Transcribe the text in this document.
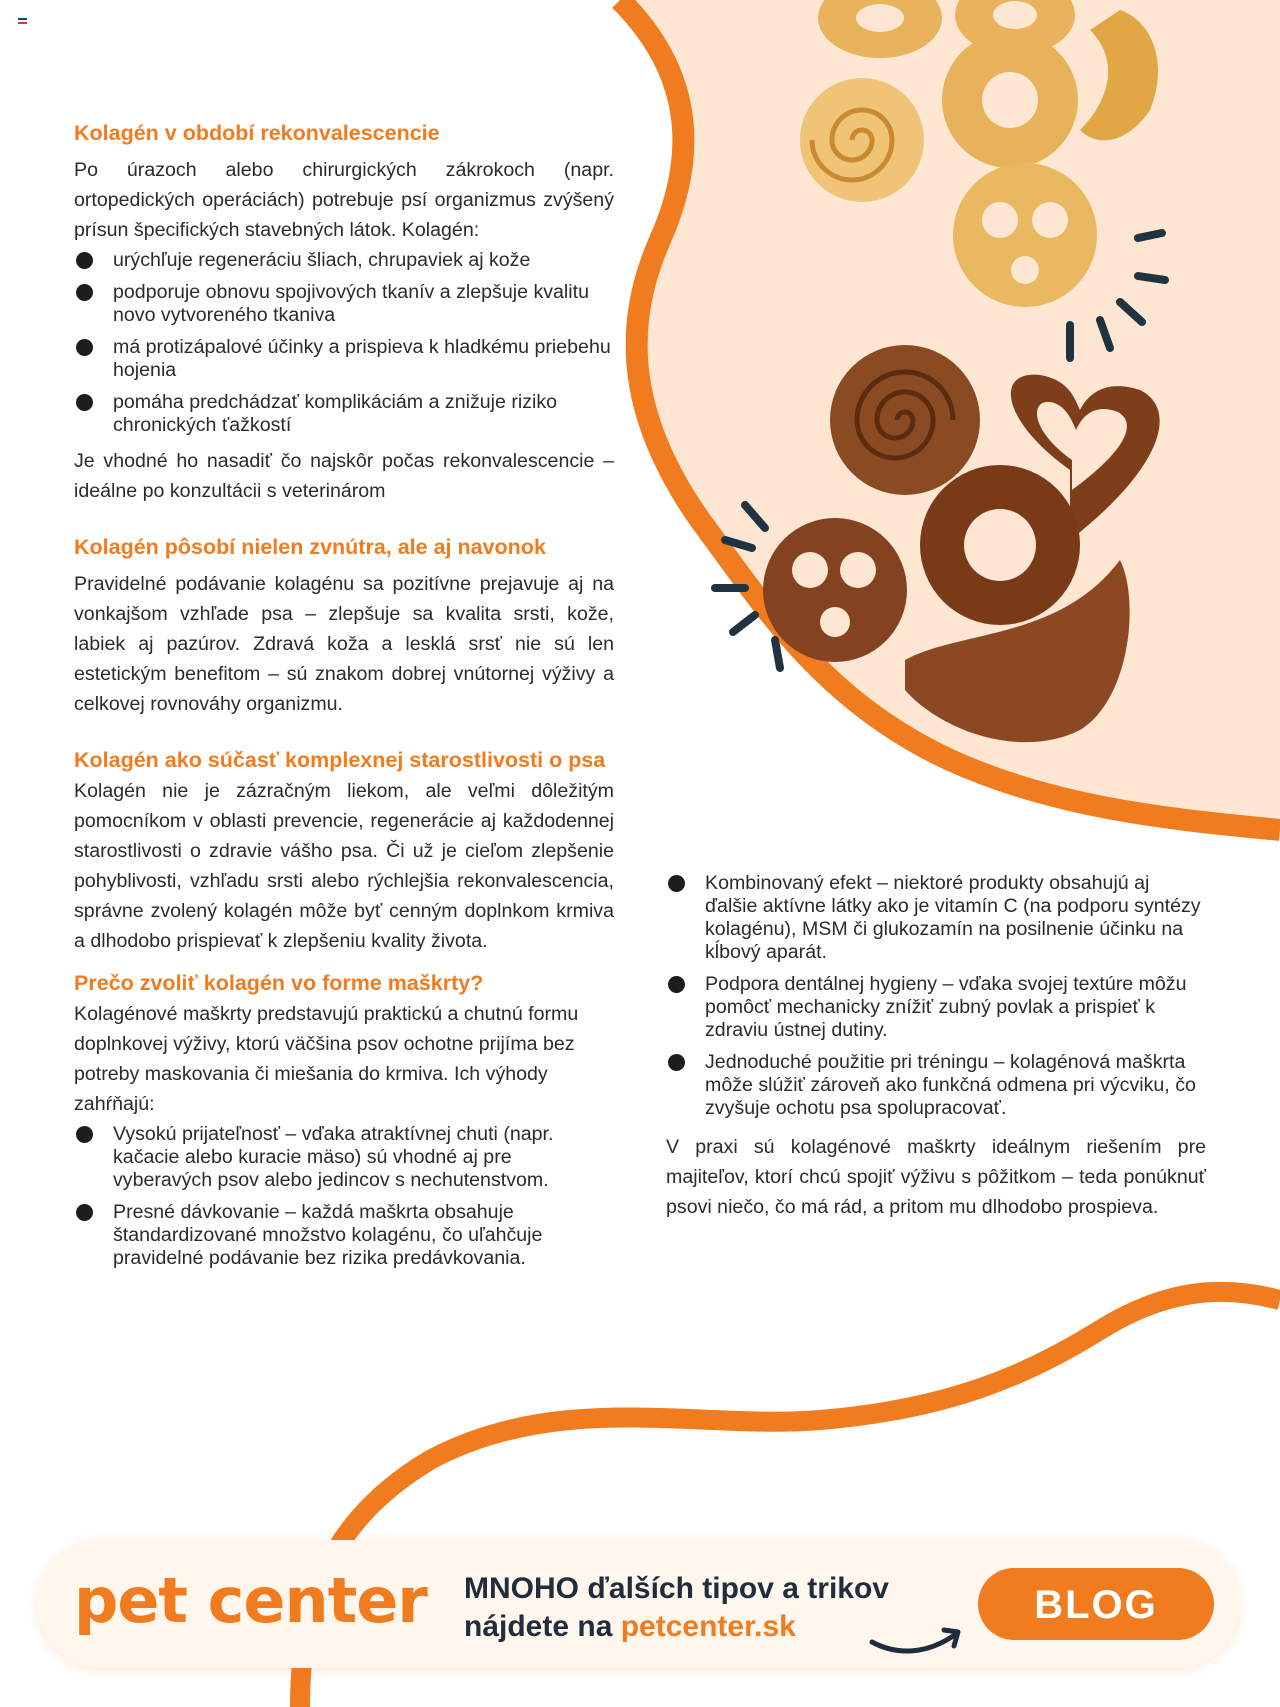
Kolagén v období rekonvalescencie

Po úrazoch alebo chirurgických zákrokoch (napr. ortopedických operáciách) potrebuje psí organizmus zvýšený prísun špecifických stavebných látok. Kolagén:

urýchľuje regeneráciu šliach, chrupaviek aj kože
podporuje obnovu spojivových tkanív a zlepšuje kvalitu novo vytvoreného tkaniva
má protizápalové účinky a prispieva k hladkému priebehu hojenia
pomáha predchádzať komplikáciám a znižuje riziko chronických ťažkostí

Je vhodné ho nasadiť čo najskôr počas rekonvalescencie – ideálne po konzultácii s veterinárom

Kolagén pôsobí nielen zvnútra, ale aj navonok

Pravidelné podávanie kolagénu sa pozitívne prejavuje aj na vonkajšom vzhľade psa – zlepšuje sa kvalita srsti, kože, labiek aj pazúrov. Zdravá koža a lesklá srsť nie sú len estetickým benefitom – sú znakom dobrej vnútornej výživy a celkovej rovnováhy organizmu.

Kolagén ako súčasť komplexnej starostlivosti o psa

Kolagén nie je zázračným liekom, ale veľmi dôležitým pomocníkom v oblasti prevencie, regenerácie aj každodennej starostlivosti o zdravie vášho psa. Či už je cieľom zlepšenie pohyblivosti, vzhľadu srsti alebo rýchlejšia rekonvalescencia, správne zvolený kolagén môže byť cenným doplnkom krmiva a dlhodobo prispievať k zlepšeniu kvality života.

Prečo zvoliť kolagén vo forme maškrty?

Kolagénové maškrty predstavujú praktickú a chutnú formu doplnkovej výživy, ktorú väčšina psov ochotne prijíma bez potreby maskovania či miešania do krmiva. Ich výhody zahŕňajú:

Vysokú prijateľnosť – vďaka atraktívnej chuti (napr. kačacie alebo kuracie mäso) sú vhodné aj pre vyberavých psov alebo jedincov s nechutenstvom.
Presné dávkovanie – každá maškrta obsahuje štandardizované množstvo kolagénu, čo uľahčuje pravidelné podávanie bez rizika predávkovania.
Kombinovaný efekt – niektoré produkty obsahujú aj ďalšie aktívne látky ako je vitamín C (na podporu syntézy kolagénu), MSM či glukozamín na posilnenie účinku na kĺbový aparát.
Podpora dentálnej hygieny – vďaka svojej textúre môžu pomôcť mechanicky znížiť zubný povlak a prispieť k zdraviu ústnej dutiny.
Jednoduché použitie pri tréningu – kolagénová maškrta môže slúžiť zároveň ako funkčná odmena pri výcviku, čo zvyšuje ochotu psa spolupracovať.

V praxi sú kolagénové maškrty ideálnym riešením pre majiteľov, ktorí chcú spojiť výživu s pôžitkom – teda ponúknuť psovi niečo, čo má rád, a pritom mu dlhodobo prospieva.

pet center MNOHO ďalších tipov a trikov
nájdete na petcenter.sk	BLOG
